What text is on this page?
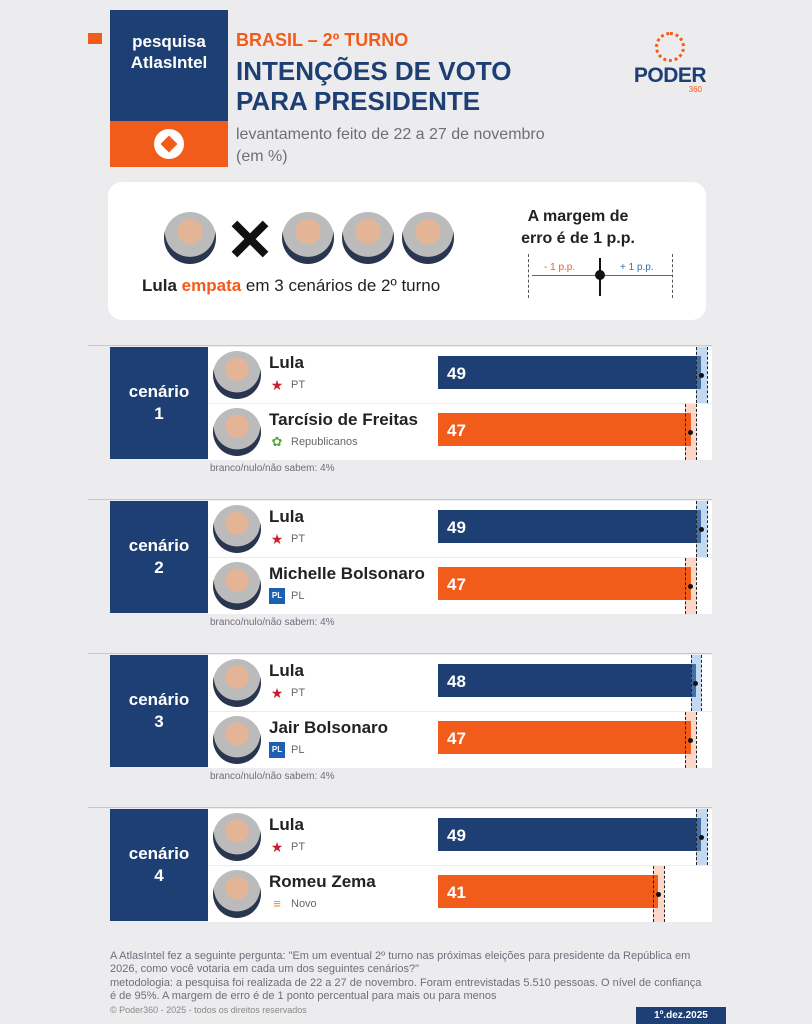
pesquisa
AtlasIntel
BRASIL – 2º TURNO
INTENÇÕES DE VOTO PARA PRESIDENTE
levantamento feito de 22 a 27 de novembro (em %)
PODER
360
Lula empata em 3 cenários de 2º turno
A margem de erro é de 1 p.p.
- 1 p.p.	+ 1 p.p.
cenário
1
Lula
★ PT
49
Tarcísio de Freitas
✿ Republicanos
47
branco/nulo/não sabem: 4%
cenário
2
Lula
★ PT
49
Michelle Bolsonaro
PL PL
47
branco/nulo/não sabem: 4%
cenário
3
Lula
★ PT
48
Jair Bolsonaro
PL PL
47
branco/nulo/não sabem: 4%
cenário
4
Lula
★ PT
49
Romeu Zema
≡ Novo
41

A AtlasIntel fez a seguinte pergunta: "Em um eventual 2º turno nas próximas eleições para presidente da República em 2026, como você votaria em cada um dos seguintes cenários?"

metodologia: a pesquisa foi realizada de 22 a 27 de novembro. Foram entrevistadas 5.510 pessoas. O nível de confiança é de 95%. A margem de erro é de 1 ponto percentual para mais ou para menos

© Poder360 - 2025 - todos os direitos reservados	1º.dez.2025
